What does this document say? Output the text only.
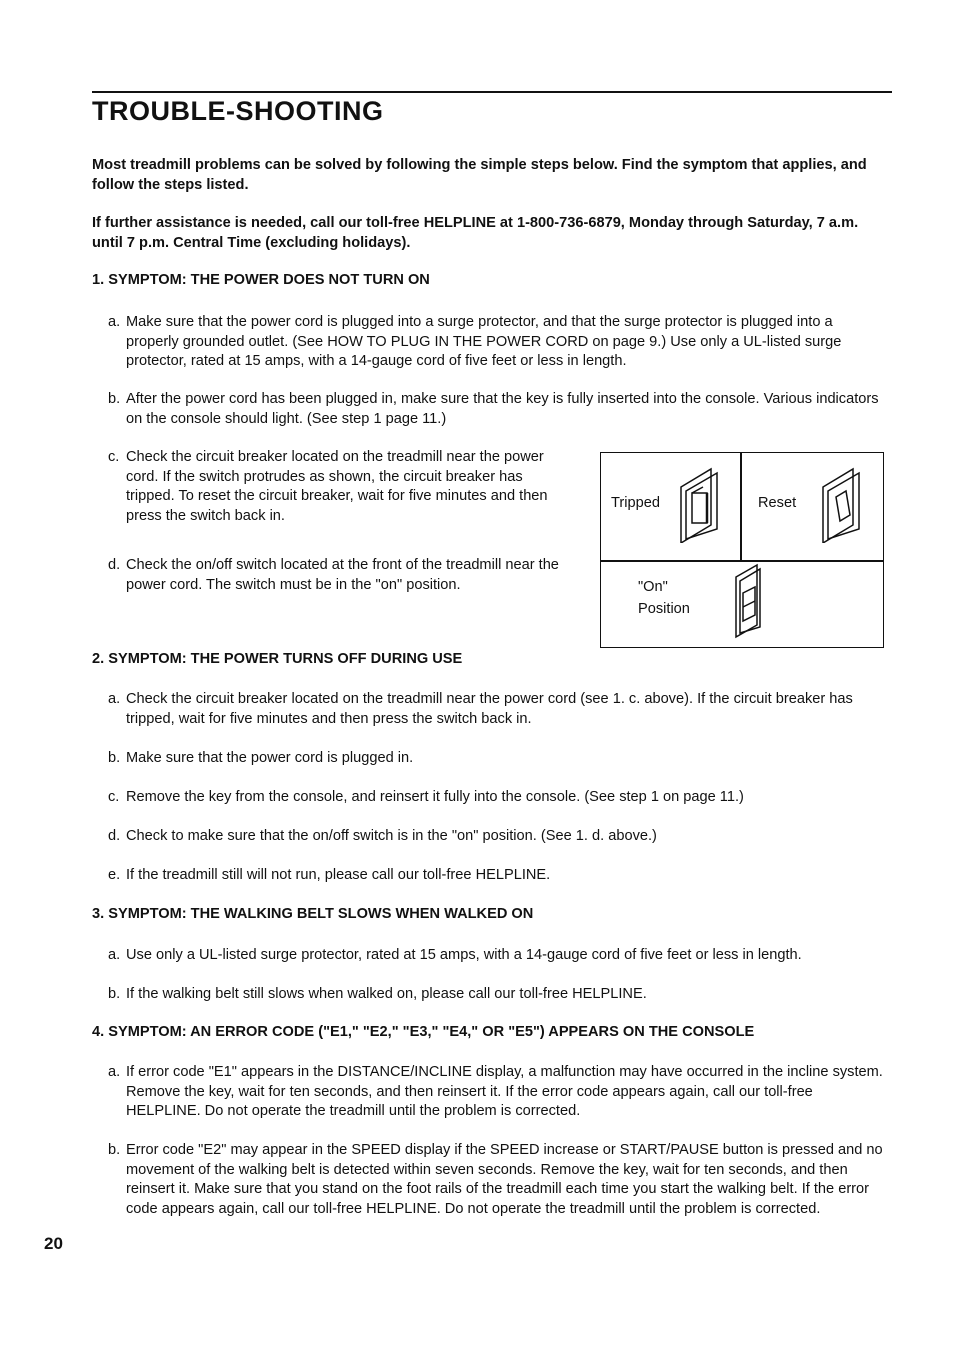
TROUBLE-SHOOTING
Most treadmill problems can be solved by following the simple steps below. Find the symptom that applies, and follow the steps listed.
If further assistance is needed, call our toll-free HELPLINE at 1-800-736-6879, Monday through Saturday, 7 a.m. until 7 p.m. Central Time (excluding holidays).
1. SYMPTOM: THE POWER DOES NOT TURN ON
a. Make sure that the power cord is plugged into a surge protector, and that the surge protector is plugged into a properly grounded outlet. (See HOW TO PLUG IN THE POWER CORD on page 9.) Use only a UL-listed surge protector, rated at 15 amps, with a 14-gauge cord of five feet or less in length.
b. After the power cord has been plugged in, make sure that the key is fully inserted into the console. Various indicators on the console should light. (See step 1 page 11.)
c. Check the circuit breaker located on the treadmill near the power cord. If the switch protrudes as shown, the circuit breaker has tripped. To reset the circuit breaker, wait for five minutes and then press the switch back in.
d. Check the on/off switch located at the front of the treadmill near the power cord. The switch must be in the "on" position.
Tripped	Reset
"On"
Position
2. SYMPTOM: THE POWER TURNS OFF DURING USE
a. Check the circuit breaker located on the treadmill near the power cord (see 1. c. above). If the circuit breaker has tripped, wait for five minutes and then press the switch back in.
b. Make sure that the power cord is plugged in.
c. Remove the key from the console, and reinsert it fully into the console. (See step 1 on page 11.)
d. Check to make sure that the on/off switch is in the "on" position. (See 1. d. above.)
e. If the treadmill still will not run, please call our toll-free HELPLINE.
3. SYMPTOM: THE WALKING BELT SLOWS WHEN WALKED ON
a. Use only a UL-listed surge protector, rated at 15 amps, with a 14-gauge cord of five feet or less in length.
b. If the walking belt still slows when walked on, please call our toll-free HELPLINE.
4. SYMPTOM: AN ERROR CODE ("E1," "E2," "E3," "E4," OR "E5") APPEARS ON THE CONSOLE
a. If error code "E1" appears in the DISTANCE/INCLINE display, a malfunction may have occurred in the incline system. Remove the key, wait for ten seconds, and then reinsert it. If the error code appears again, call our toll-free HELPLINE. Do not operate the treadmill until the problem is corrected.
b. Error code "E2" may appear in the SPEED display if the SPEED increase or START/PAUSE button is pressed and no movement of the walking belt is detected within seven seconds. Remove the key, wait for ten seconds, and then reinsert it. Make sure that you stand on the foot rails of the treadmill each time you start the walking belt. If the error code appears again, call our toll-free HELPLINE. Do not operate the treadmill until the problem is corrected.
20
